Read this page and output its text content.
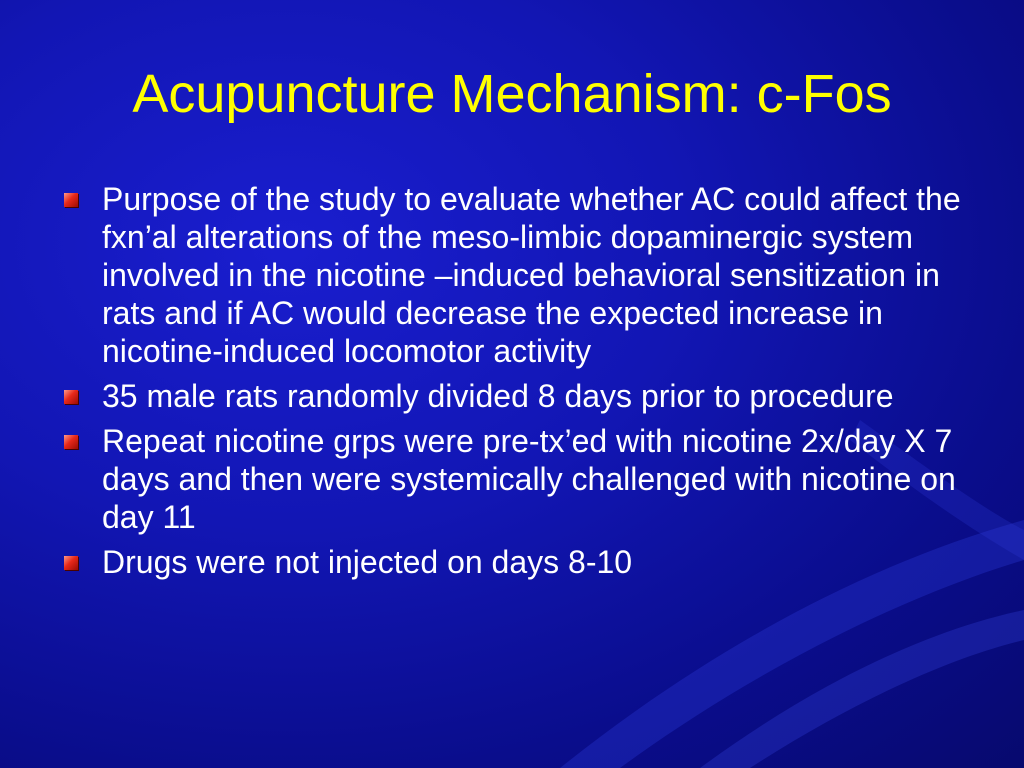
Acupuncture Mechanism: c-Fos
Purpose of the study to evaluate whether AC could affect the fxn’al alterations of the meso-limbic dopaminergic system involved in the nicotine –induced behavioral sensitization in rats and if AC would decrease the expected increase in nicotine-induced locomotor activity
35 male rats randomly divided 8 days prior to procedure
Repeat nicotine grps were pre-tx’ed with nicotine 2x/day X 7 days and then were systemically challenged with nicotine on day 11
Drugs were not injected on days 8-10
